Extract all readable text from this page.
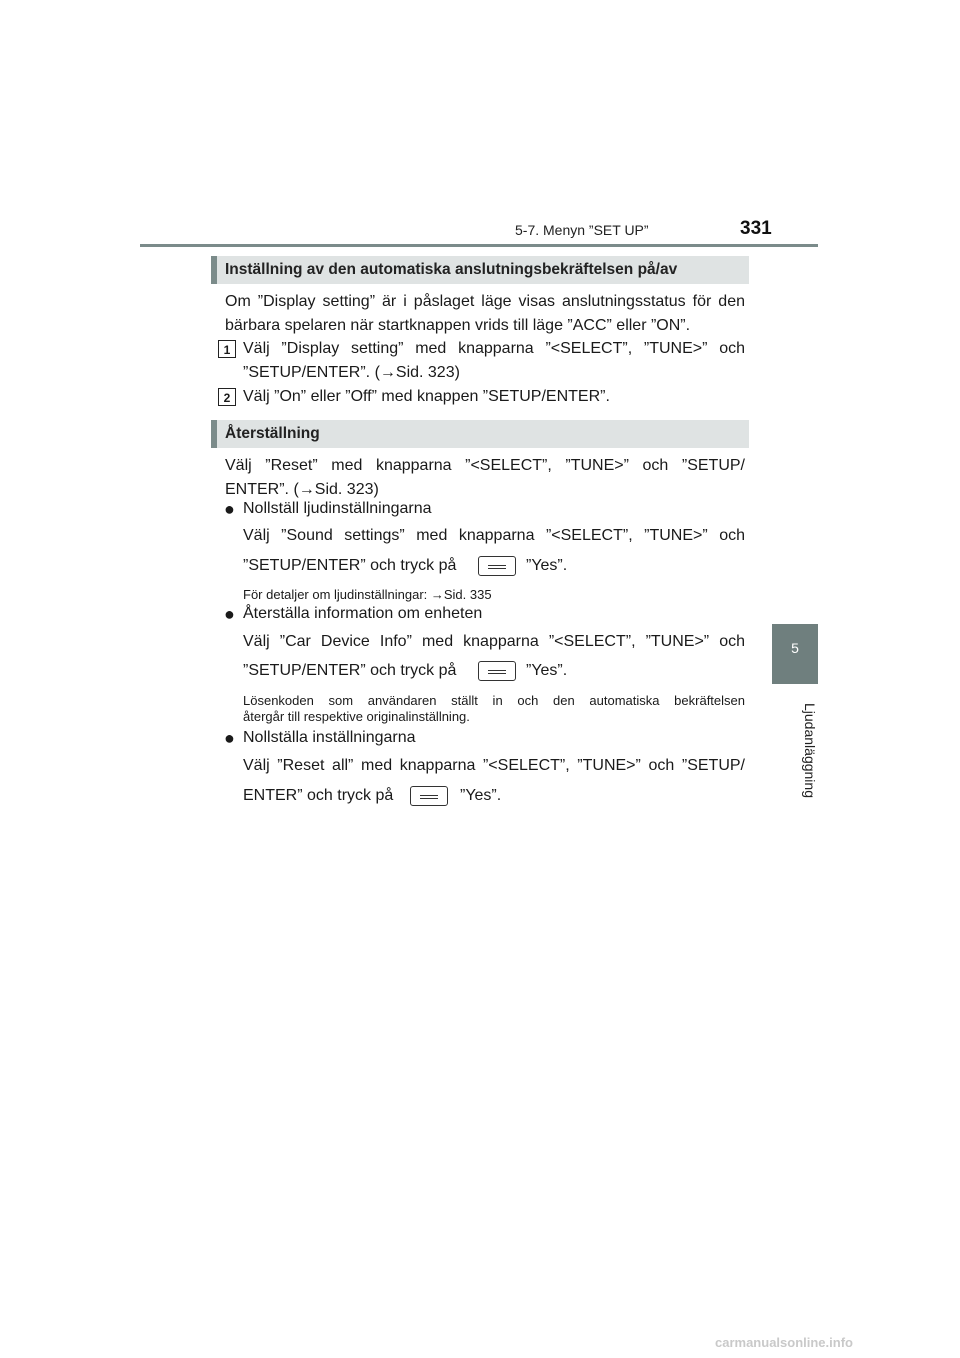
5-7. Menyn ”SET UP”	331
5
Ljudanläggning
Inställning av den automatiska anslutningsbekräftelsen på/av
Om ”Display setting” är i påslaget läge visas anslutningsstatus för den
bärbara spelaren när startknappen vrids till läge ”ACC” eller ”ON”.
1 Välj ”Display setting” med knapparna ”<SELECT”, ”TUNE>” och
”SETUP/ENTER”. (→Sid. 323)
2 Välj ”On” eller ”Off” med knappen ”SETUP/ENTER”.
Återställning
Välj ”Reset” med knapparna ”<SELECT”, ”TUNE>” och ”SETUP/
ENTER”. (→Sid. 323)
● Nollställ ljudinställningarna
Välj ”Sound settings” med knapparna ”<SELECT”, ”TUNE>” och
”SETUP/ENTER” och tryck på	”Yes”.
För detaljer om ljudinställningar: →Sid. 335
● Återställa information om enheten
Välj ”Car Device Info” med knapparna ”<SELECT”, ”TUNE>” och
”SETUP/ENTER” och tryck på	”Yes”.
Lösenkoden som användaren ställt in och den automatiska bekräftelsen
återgår till respektive originalinställning.
● Nollställa inställningarna
Välj ”Reset all” med knapparna ”<SELECT”, ”TUNE>” och ”SETUP/
ENTER” och tryck på	”Yes”.
carmanualsonline.info
